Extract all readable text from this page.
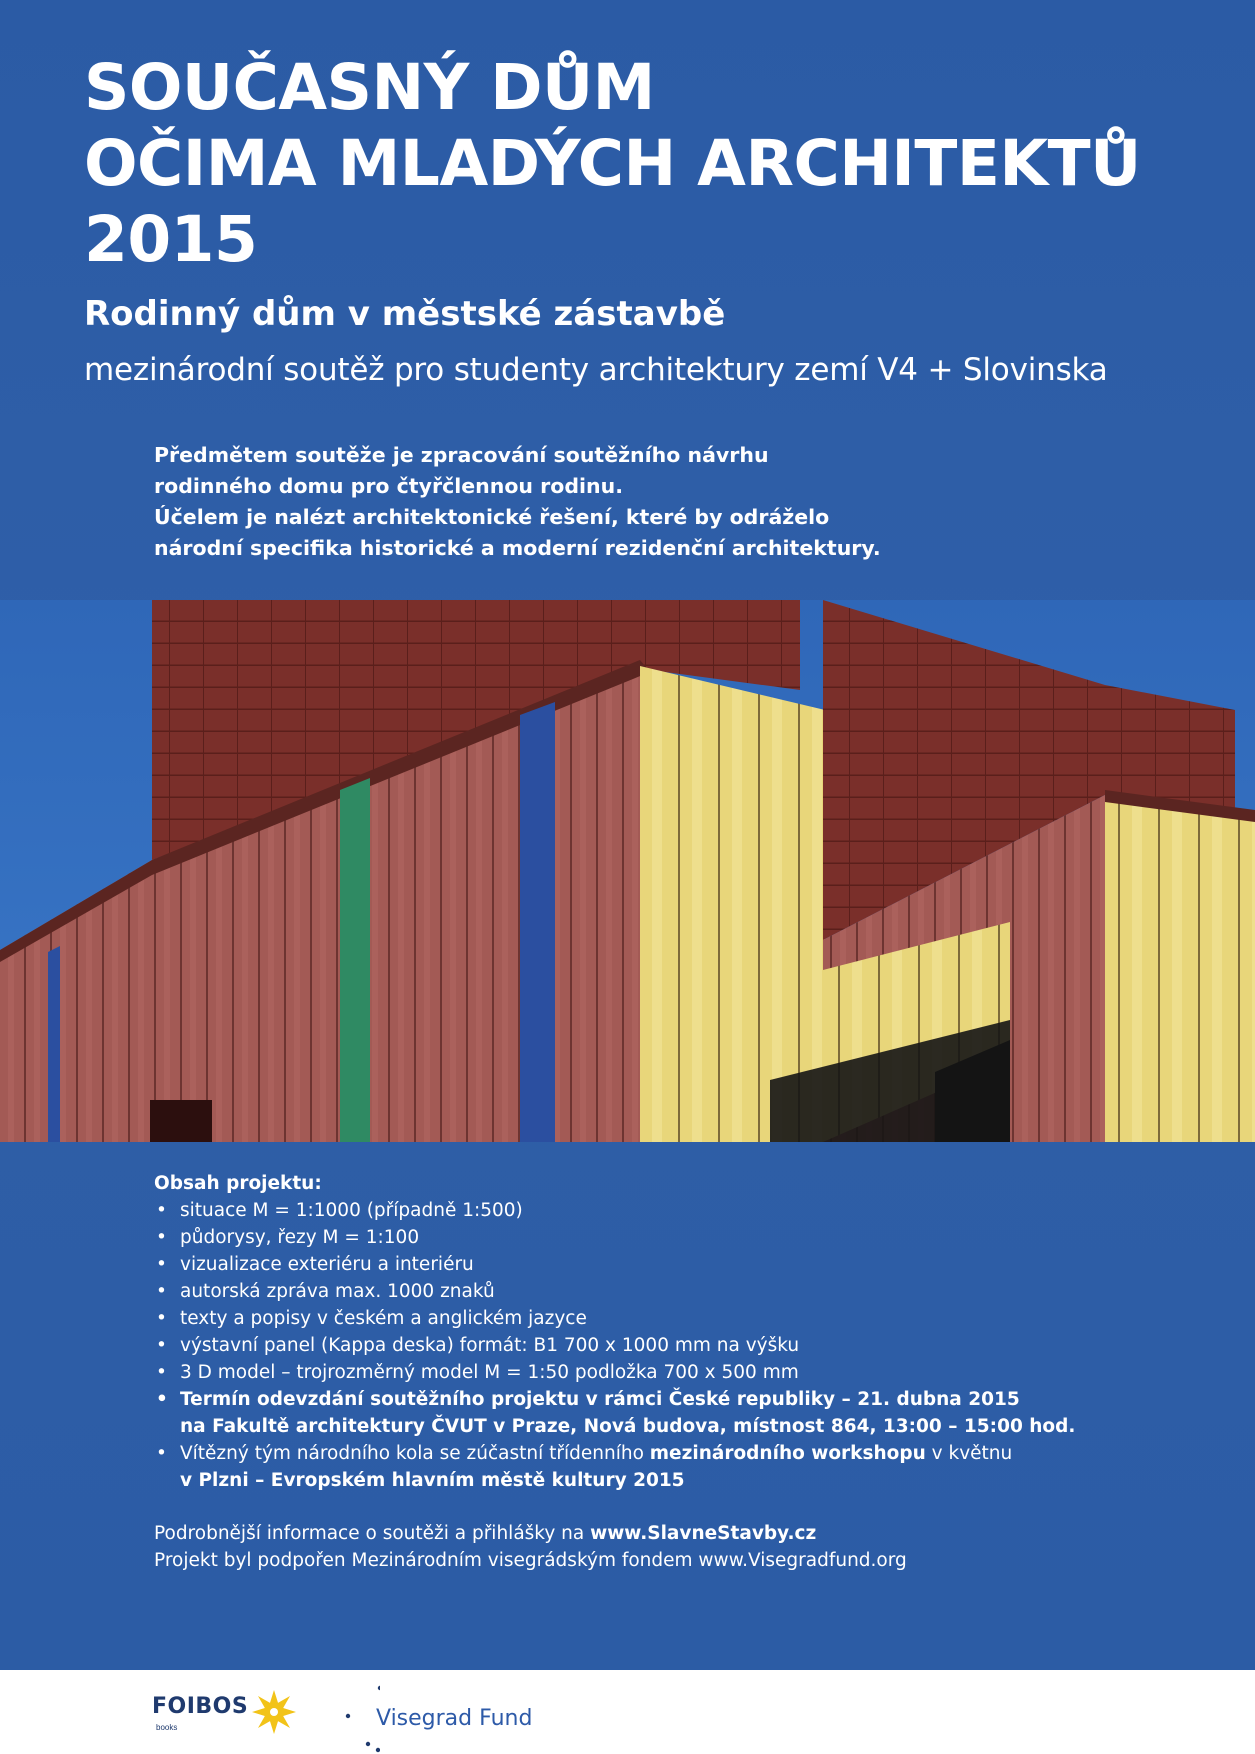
SOUČASNÝ DŮM
OČIMA MLADÝCH ARCHITEKTŮ
2015
Rodinný dům v městské zástavbě

mezinárodní soutěž pro studenty architektury zemí V4 + Slovinska

Předmětem soutěže je zpracování soutěžního návrhu
rodinného domu pro čtyřčlennou rodinu.
Účelem je nalézt architektonické řešení, které by odráželo
národní specifika historické a moderní rezidenční architektury.
Obsah projektu:
• situace M = 1:1000 (případně 1:500)
• půdorysy, řezy M = 1:100
• vizualizace exteriéru a interiéru
• autorská zpráva max. 1000 znaků
• texty a popisy v českém a anglickém jazyce
• výstavní panel (Kappa deska) formát: B1 700 x 1000 mm na výšku
• 3 D model – trojrozměrný model M = 1:50 podložka 700 x 500 mm
• Termín odevzdání soutěžního projektu v rámci České republiky – 21. dubna 2015
na Fakultě architektury ČVUT v Praze, Nová budova, místnost 864, 13:00 – 15:00 hod.
• Vítězný tým národního kola se zúčastní třídenního mezinárodního workshopu v květnu
v Plzni – Evropském hlavním městě kultury 2015
Podrobnější informace o soutěži a přihlášky na www.SlavneStavby.cz
Projekt byl podpořen Mezinárodním visegrádským fondem www.Visegradfund.org
FOIBOS
books	Visegrad Fund
